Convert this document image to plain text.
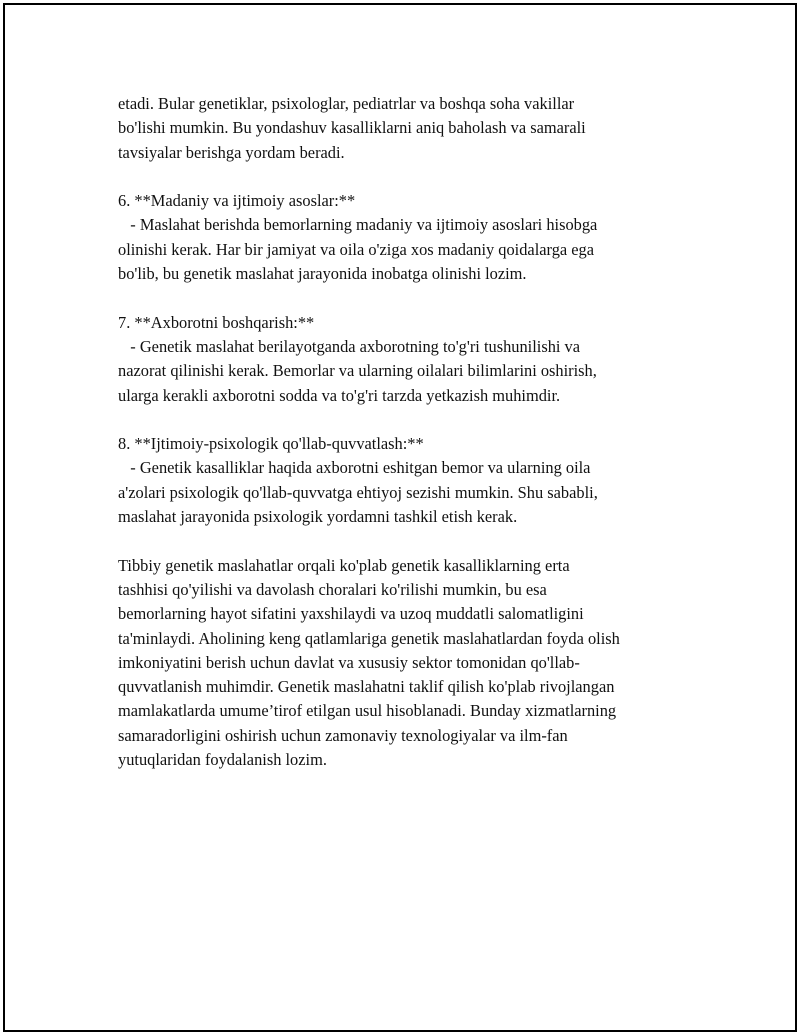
etadi. Bular genetiklar, psixologlar, pediatrlar va boshqa soha vakillar
bo'lishi mumkin. Bu yondashuv kasalliklarni aniq baholash va samarali
tavsiyalar berishga yordam beradi.
6. **Madaniy va ijtimoiy asoslar:**
- Maslahat berishda bemorlarning madaniy va ijtimoiy asoslari hisobga
olinishi kerak. Har bir jamiyat va oila o'ziga xos madaniy qoidalarga ega
bo'lib, bu genetik maslahat jarayonida inobatga olinishi lozim.
7. **Axborotni boshqarish:**
- Genetik maslahat berilayotganda axborotning to'g'ri tushunilishi va
nazorat qilinishi kerak. Bemorlar va ularning oilalari bilimlarini oshirish,
ularga kerakli axborotni sodda va to'g'ri tarzda yetkazish muhimdir.
8. **Ijtimoiy-psixologik qo'llab-quvvatlash:**
- Genetik kasalliklar haqida axborotni eshitgan bemor va ularning oila
a'zolari psixologik qo'llab-quvvatga ehtiyoj sezishi mumkin. Shu sababli,
maslahat jarayonida psixologik yordamni tashkil etish kerak.
Tibbiy genetik maslahatlar orqali ko'plab genetik kasalliklarning erta
tashhisi qo'yilishi va davolash choralari ko'rilishi mumkin, bu esa
bemorlarning hayot sifatini yaxshilaydi va uzoq muddatli salomatligini
ta'minlaydi. Aholining keng qatlamlariga genetik maslahatlardan foyda olish
imkoniyatini berish uchun davlat va xususiy sektor tomonidan qo'llab-
quvvatlanish muhimdir. Genetik maslahatni taklif qilish ko'plab rivojlangan
mamlakatlarda umume’tirof etilgan usul hisoblanadi. Bunday xizmatlarning
samaradorligini oshirish uchun zamonaviy texnologiyalar va ilm-fan
yutuqlaridan foydalanish lozim.
